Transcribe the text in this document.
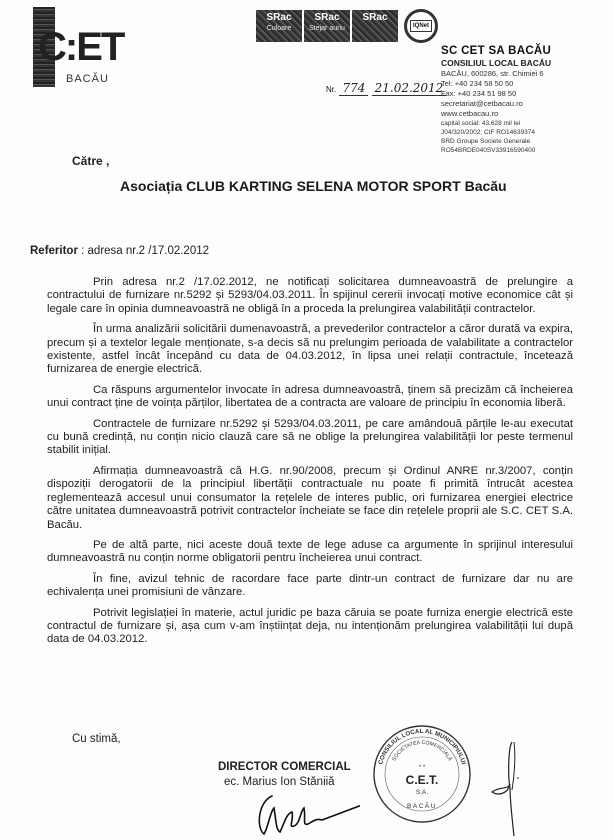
C:ET
BACĂU
SRac
Culoare
SRac
Stejar auriu
SRac
IQNet
Nr. 774 21.02.2012
SC CET SA BACĂU
CONSILIUL LOCAL BACĂU
BACĂU, 600286, str. Chimiei 6
Tel: +40 234 58 50 50
Fax: +40 234 51 98 50
secretariat@cetbacau.ro
www.cetbacau.ro
capital social: 43,628 mil lei
J04/320/2002; CIF RO14639374
BRD Groupe Societe Generale
RO54BRDE040SV33916590400
Către ,
Asociația CLUB KARTING SELENA MOTOR SPORT Bacău
Referitor : adresa nr.2 /17.02.2012

Prin adresa nr.2 /17.02.2012, ne notificați solicitarea dumneavoastră de prelungire a contractului de furnizare nr.5292 și 5293/04.03.2011. În spijinul cererii invocați motive economice cât și legale care în opinia dumneavoastră ne obligă în a proceda la prelungirea valabilității contractelor.

În urma analizării solicitării dumenavoastră, a prevederilor contractelor a căror durată va expira, precum și a textelor legale menționate, s-a decis să nu prelungim perioada de valabilitate a contractelor existente, astfel încât începând cu data de 04.03.2012, în lipsa unei relații contractule, încetează furnizarea de energie electrică.

Ca răspuns argumentelor invocate în adresa dumneavoastră, ținem să precizăm că încheierea unui contract ține de voința părților, libertatea de a contracta are valoare de principiu în economia liberă.

Contractele de furnizare nr.5292 și 5293/04.03.2011, pe care amândouă părțile le-au executat cu bună credință, nu conțin nicio clauză care să ne oblige la prelungirea valabilității lor peste termenul stabilit inițial.

Afirmația dumneavoastră că H.G. nr.90/2008, precum și Ordinul ANRE nr.3/2007, conțin dispoziții derogatorii de la principiul libertății contractuale nu poate fi primită întrucât acestea reglementează accesul unui consumator la rețelele de interes public, ori furnizarea energiei electrice către unitatea dumneavoastră potrivit contractelor încheiate se face din rețelele proprii ale S.C. CET S.A. Bacău.

Pe de altă parte, nici aceste două texte de lege aduse ca argumente în sprijinul interesului dumneavoastră nu conțin norme obligatorii pentru încheierea unui contract.

În fine, avizul tehnic de racordare face parte dintr-un contract de furnizare dar nu are echivalența unei promisiuni de vânzare.

Potrivit legislației în materie, actul juridic pe baza căruia se poate furniza energie electrică este contractul de furnizare și, așa cum v-am înștiințat deja, nu intenționăm prelungirea valabilității lui după data de 04.03.2012.

Cu stimă,
DIRECTOR COMERCIAL
ec. Marius Ion Stăniiă
CONSILIUL LOCAL AL MUNICIPIULUI
SOCIETATEA COMERCIALĂ
* *
C.E.T.
S.A.
BACĂU
